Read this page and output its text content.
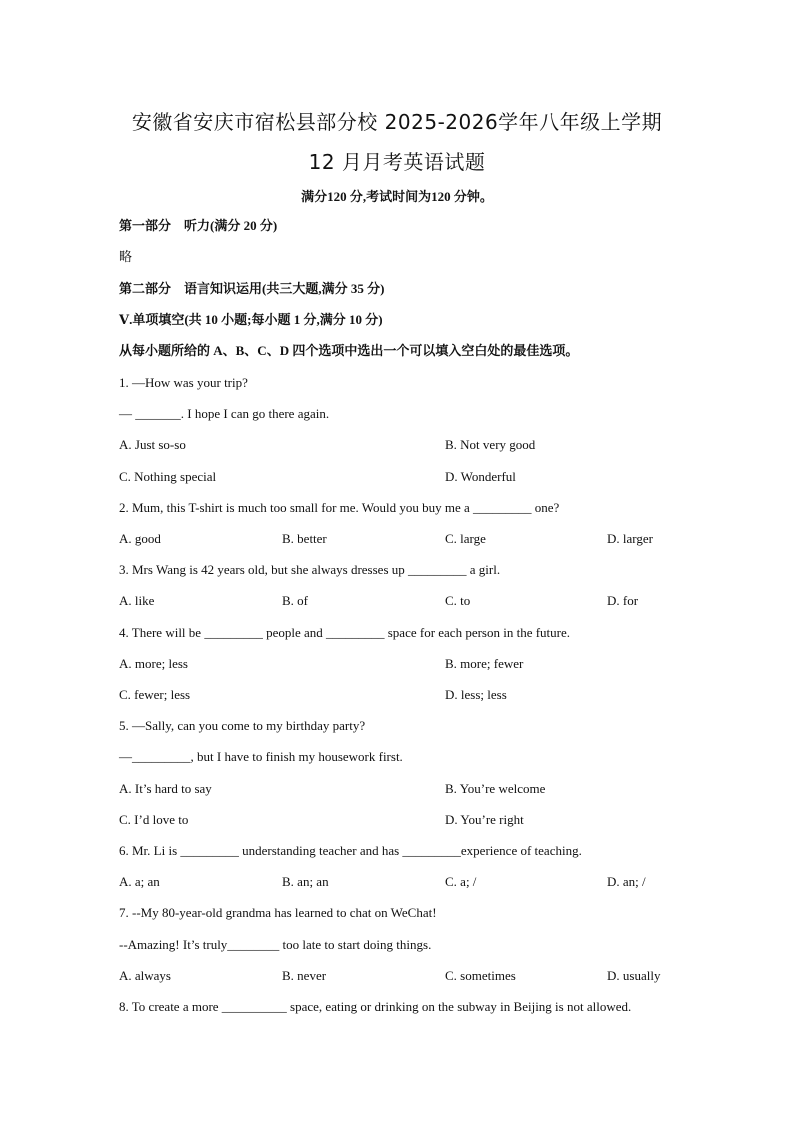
安徽省安庆市宿松县部分校 2025-2026学年八年级上学期
12 月月考英语试题
满分120 分,考试时间为120 分钟。
第一部分　听力(满分 20 分)
略
第二部分　语言知识运用(共三大题,满分 35 分)
Ⅴ.单项填空(共 10 小题;每小题 1 分,满分 10 分)
从每小题所给的 A、B、C、D 四个选项中选出一个可以填入空白处的最佳选项。
1. —How was your trip?
— _______. I hope I can go there again.
A. Just so-so	B. Not very good
C. Nothing special	D. Wonderful
2. Mum, this T-shirt is much too small for me. Would you buy me a _________ one?
A. good	B. better	C. large	D. larger
3. Mrs Wang is 42 years old, but she always dresses up _________ a girl.
A. like	B. of	C. to	D. for
4. There will be _________ people and _________ space for each person in the future.
A. more; less	B. more; fewer
C. fewer; less	D. less; less
5. —Sally, can you come to my birthday party?
—_________, but I have to finish my housework first.
A. It’s hard to say	B. You’re welcome
C. I’d love to	D. You’re right
6. Mr. Li is _________ understanding teacher and has _________experience of teaching.
A. a; an	B. an; an	C. a; /	D. an; /
7. --My 80-year-old grandma has learned to chat on WeChat!
--Amazing! It’s truly________ too late to start doing things.
A. always	B. never	C. sometimes	D. usually
8. To create a more __________ space, eating or drinking on the subway in Beijing is not allowed.
